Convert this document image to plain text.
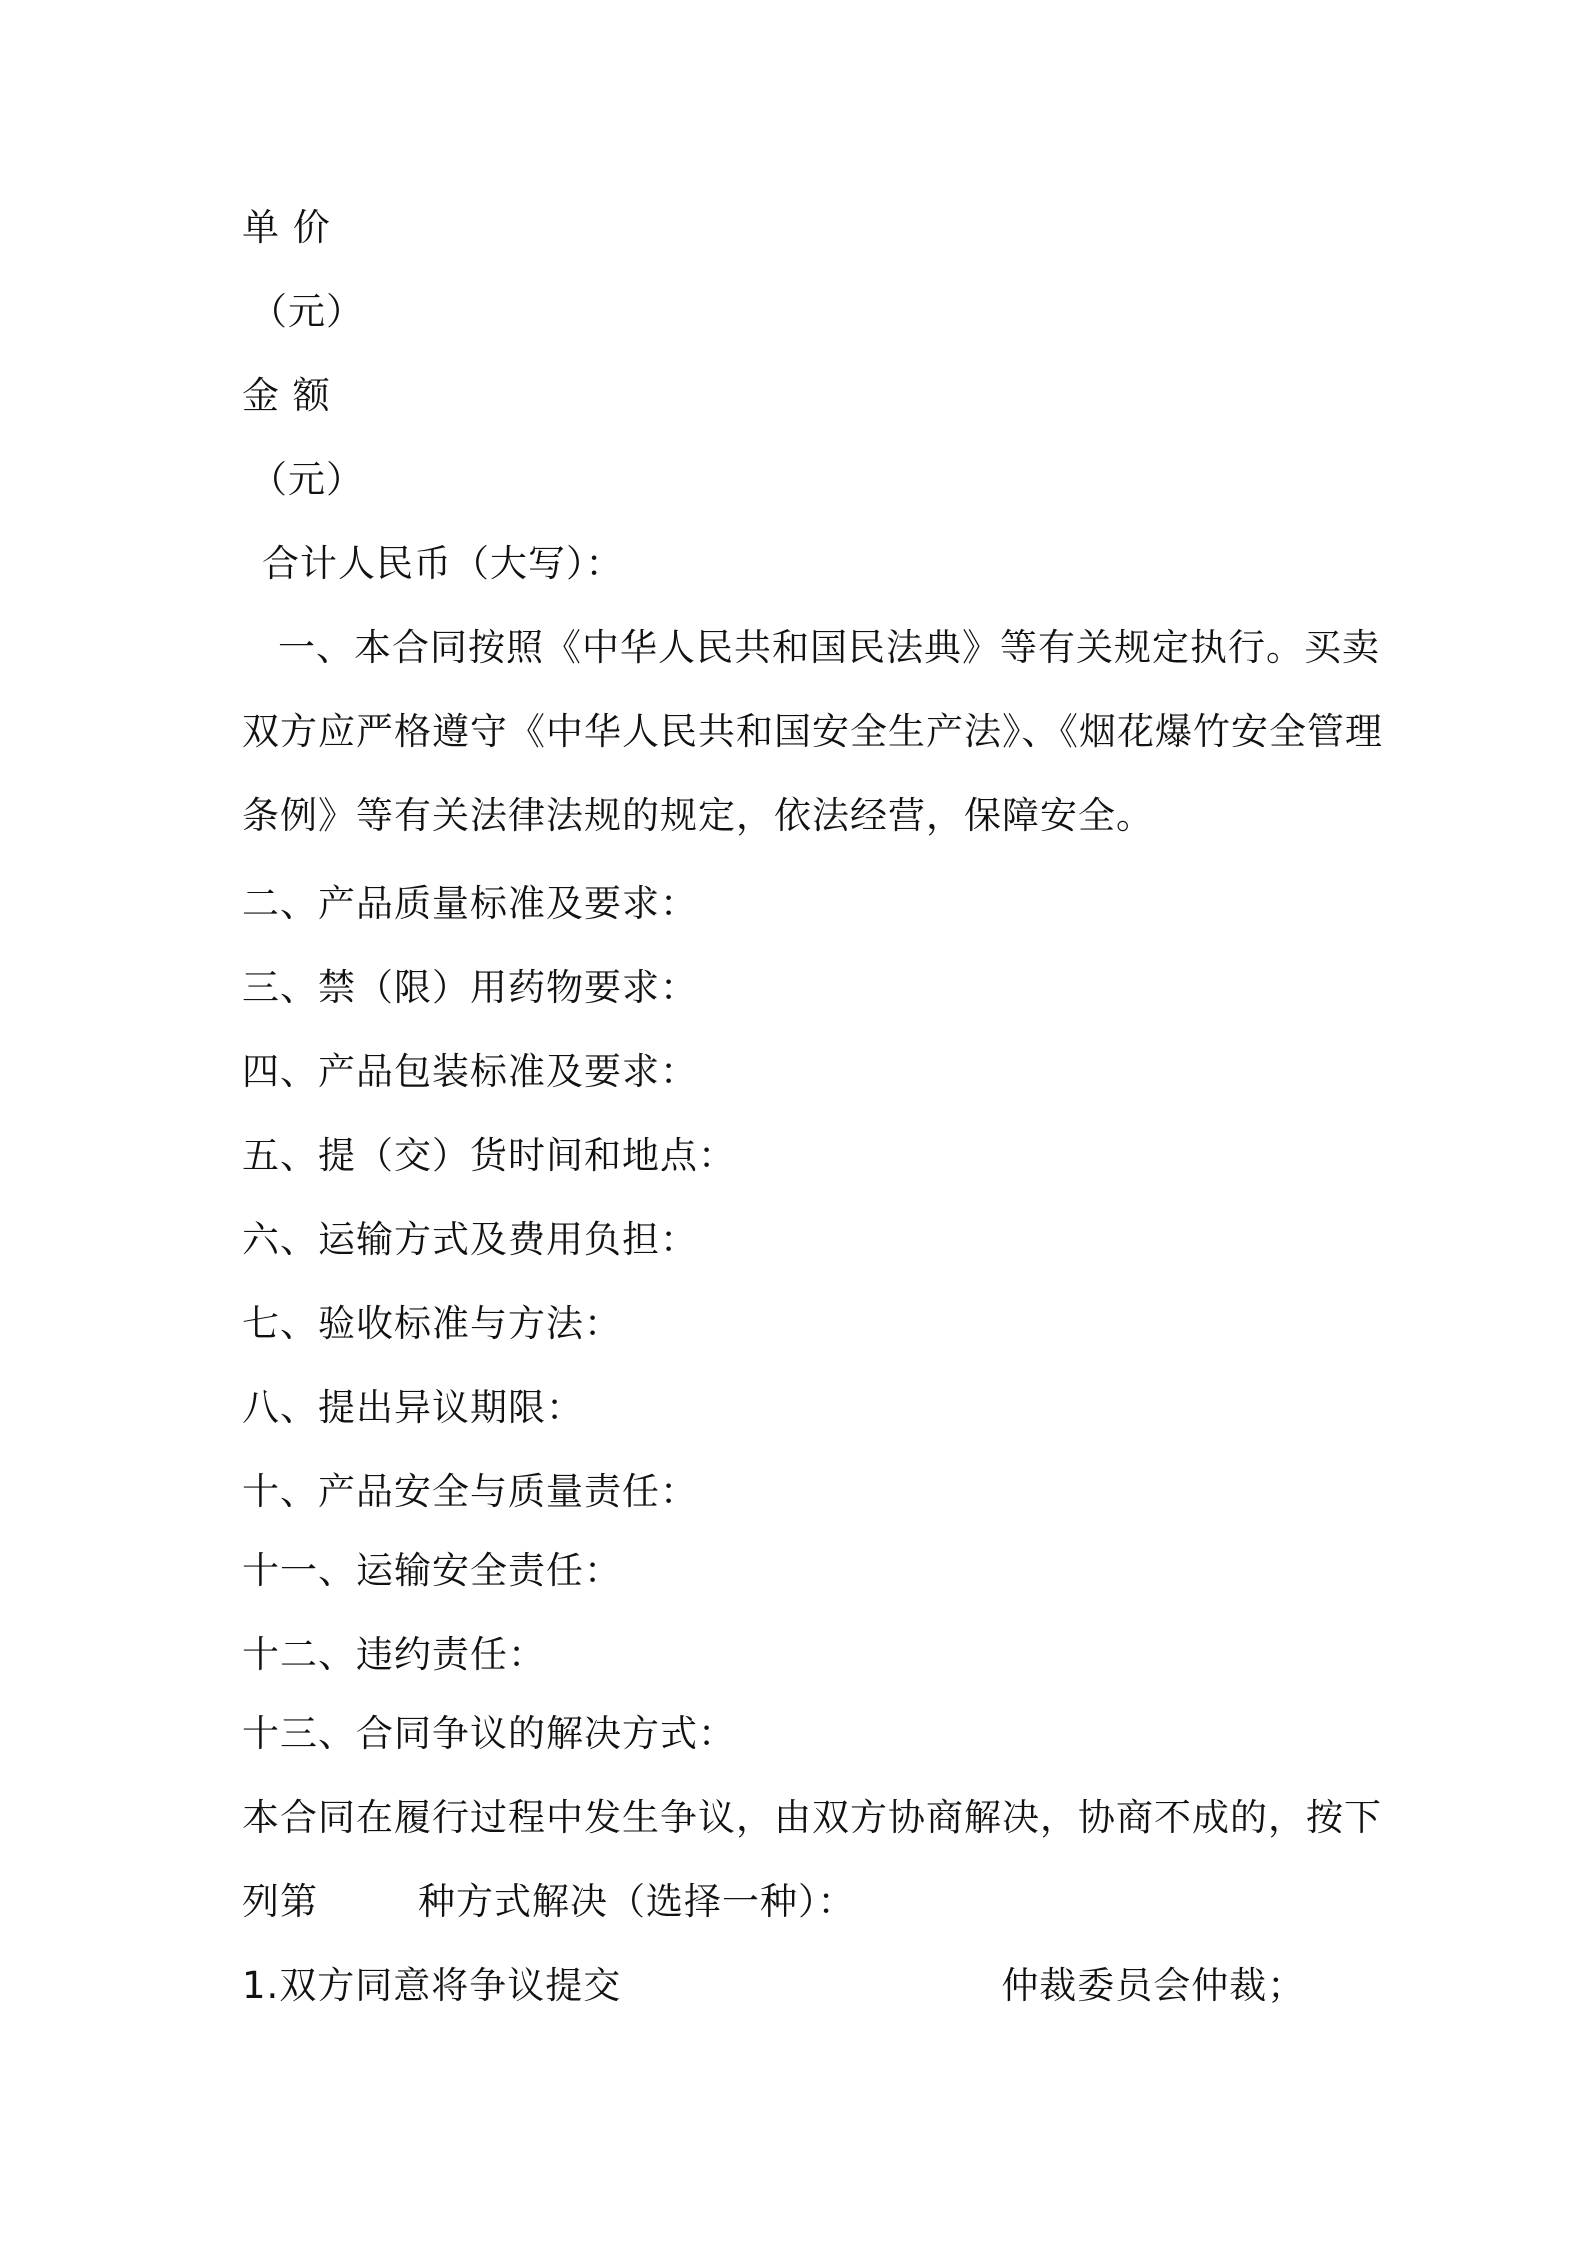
单 价
（元）
金 额
（元）
合计人民币（大写）：
一、本合同按照《中华人民共和国民法典》等有关规定执行。买卖
双方应严格遵守《中华人民共和国安全生产法》、《烟花爆竹安全管理
条例》等有关法律法规的规定，依法经营，保障安全。
二、产品质量标准及要求：
三、禁（限）用药物要求：
四、产品包装标准及要求：
五、提（交）货时间和地点：
六、运输方式及费用负担：
七、验收标准与方法：
八、提出异议期限：
十、产品安全与质量责任：
十一、运输安全责任：
十二、违约责任：
十三、合同争议的解决方式：
本合同在履行过程中发生争议，由双方协商解决，协商不成的，按下
列第	种方式解决（选择一种）：
1.双方同意将争议提交	仲裁委员会仲裁；
